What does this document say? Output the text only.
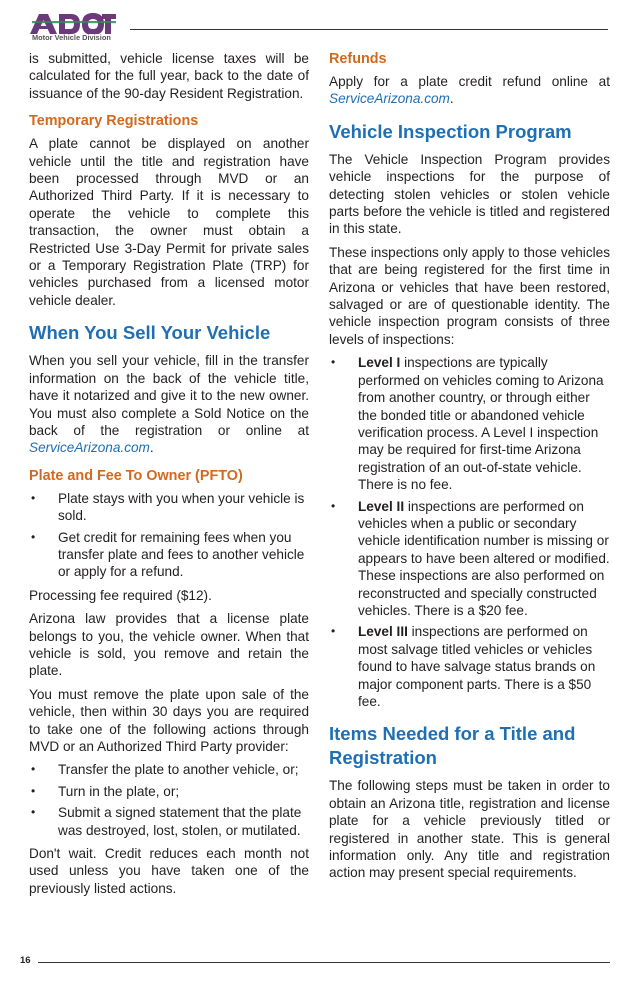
Motor Vehicle Division

is submitted, vehicle license taxes will be calculated for the full year, back to the date of issuance of the 90-day Resident Registration.

Temporary Registrations

A plate cannot be displayed on another vehicle until the title and registration have been processed through MVD or an Authorized Third Party. If it is necessary to operate the vehicle to complete this transaction, the owner must obtain a Restricted Use 3-Day Permit for private sales or a Temporary Registration Plate (TRP) for vehicles purchased from a licensed motor vehicle dealer.

When You Sell Your Vehicle

When you sell your vehicle, fill in the transfer information on the back of the vehicle title, have it notarized and give it to the new owner. You must also complete a Sold Notice on the back of the registration or online at ServiceArizona.com.

Plate and Fee To Owner (PFTO)
• Plate stays with you when your vehicle is sold.
• Get credit for remaining fees when you transfer plate and fees to another vehicle or apply for a refund.

Processing fee required ($12).

Arizona law provides that a license plate belongs to you, the vehicle owner. When that vehicle is sold, you remove and retain the plate.

You must remove the plate upon sale of the vehicle, then within 30 days you are required to take one of the following actions through MVD or an Authorized Third Party provider:

• Transfer the plate to another vehicle, or;
• Turn in the plate, or;
• Submit a signed statement that the plate was destroyed, lost, stolen, or mutilated.

Don't wait. Credit reduces each month not used unless you have taken one of the previously listed actions.

Refunds

Apply for a plate credit refund online at ServiceArizona.com.

Vehicle Inspection Program

The Vehicle Inspection Program provides vehicle inspections for the purpose of detecting stolen vehicles or stolen vehicle parts before the vehicle is titled and registered in this state.

These inspections only apply to those vehicles that are being registered for the first time in Arizona or vehicles that have been restored, salvaged or are of questionable identity. The vehicle inspection program consists of three levels of inspections:

• Level I inspections are typically performed on vehicles coming to Arizona from another country, or through either the bonded title or abandoned vehicle verification process. A Level I inspection may be required for first-time Arizona registration of an out-of-state vehicle. There is no fee.
• Level II inspections are performed on vehicles when a public or secondary vehicle identification number is missing or appears to have been altered or modified. These inspections are also performed on reconstructed and specially constructed vehicles. There is a $20 fee.
• Level III inspections are performed on most salvage titled vehicles or vehicles found to have salvage status brands on major component parts. There is a $50 fee.
Items Needed for a Title and Registration

The following steps must be taken in order to obtain an Arizona title, registration and license plate for a vehicle previously titled or registered in another state. This is general information only. Any title and registration action may present special requirements.

16
